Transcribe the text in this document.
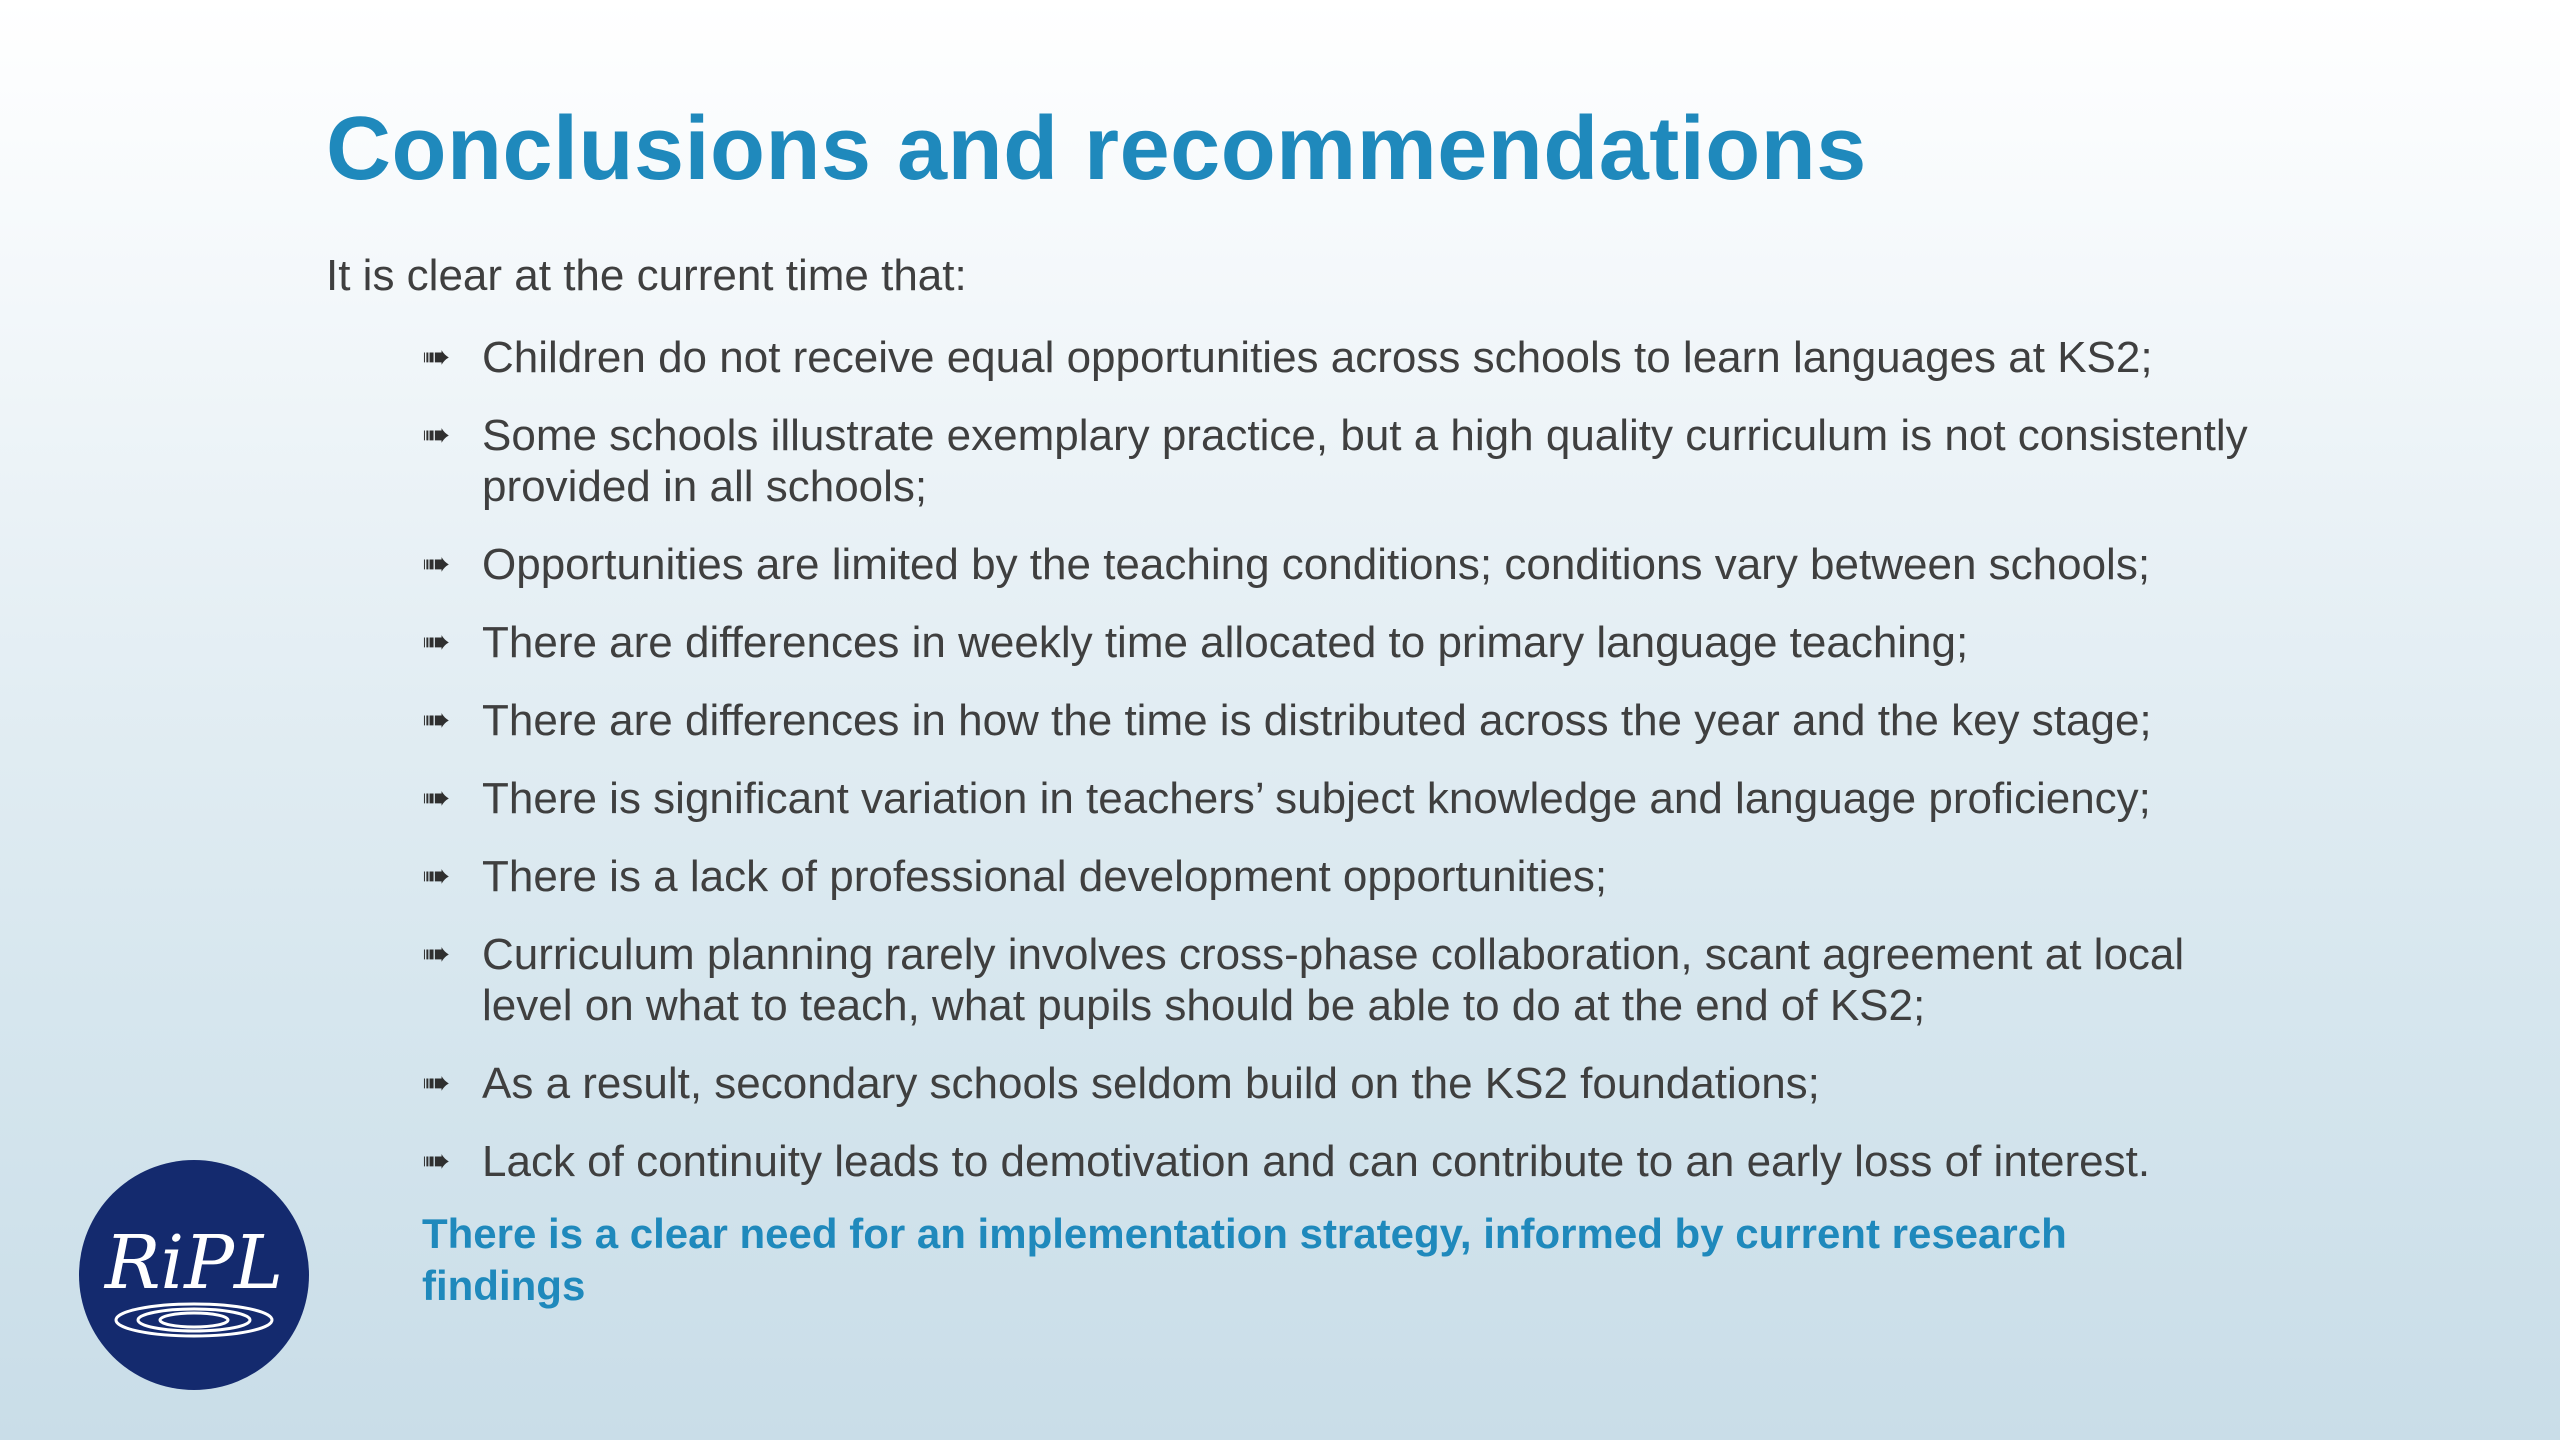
Conclusions and recommendations

It is clear at the current time that:

➠ Children do not receive equal opportunities across schools to learn languages at KS2;
➠ Some schools illustrate exemplary practice, but a high quality curriculum is not consistently provided in all schools;
➠ Opportunities are limited by the teaching conditions; conditions vary between schools;
➠ There are differences in weekly time allocated to primary language teaching;
➠ There are differences in how the time is distributed across the year and the key stage;
➠ There is significant variation in teachers’ subject knowledge and language proficiency;
➠ There is a lack of professional development opportunities;
➠ Curriculum planning rarely involves cross-phase collaboration, scant agreement at local level on what to teach, what pupils should be able to do at the end of KS2;
➠ As a result, secondary schools seldom build on the KS2 foundations;
➠ Lack of continuity leads to demotivation and can contribute to an early loss of interest.

There is a clear need for an implementation strategy, informed by current research findings

RiPL
